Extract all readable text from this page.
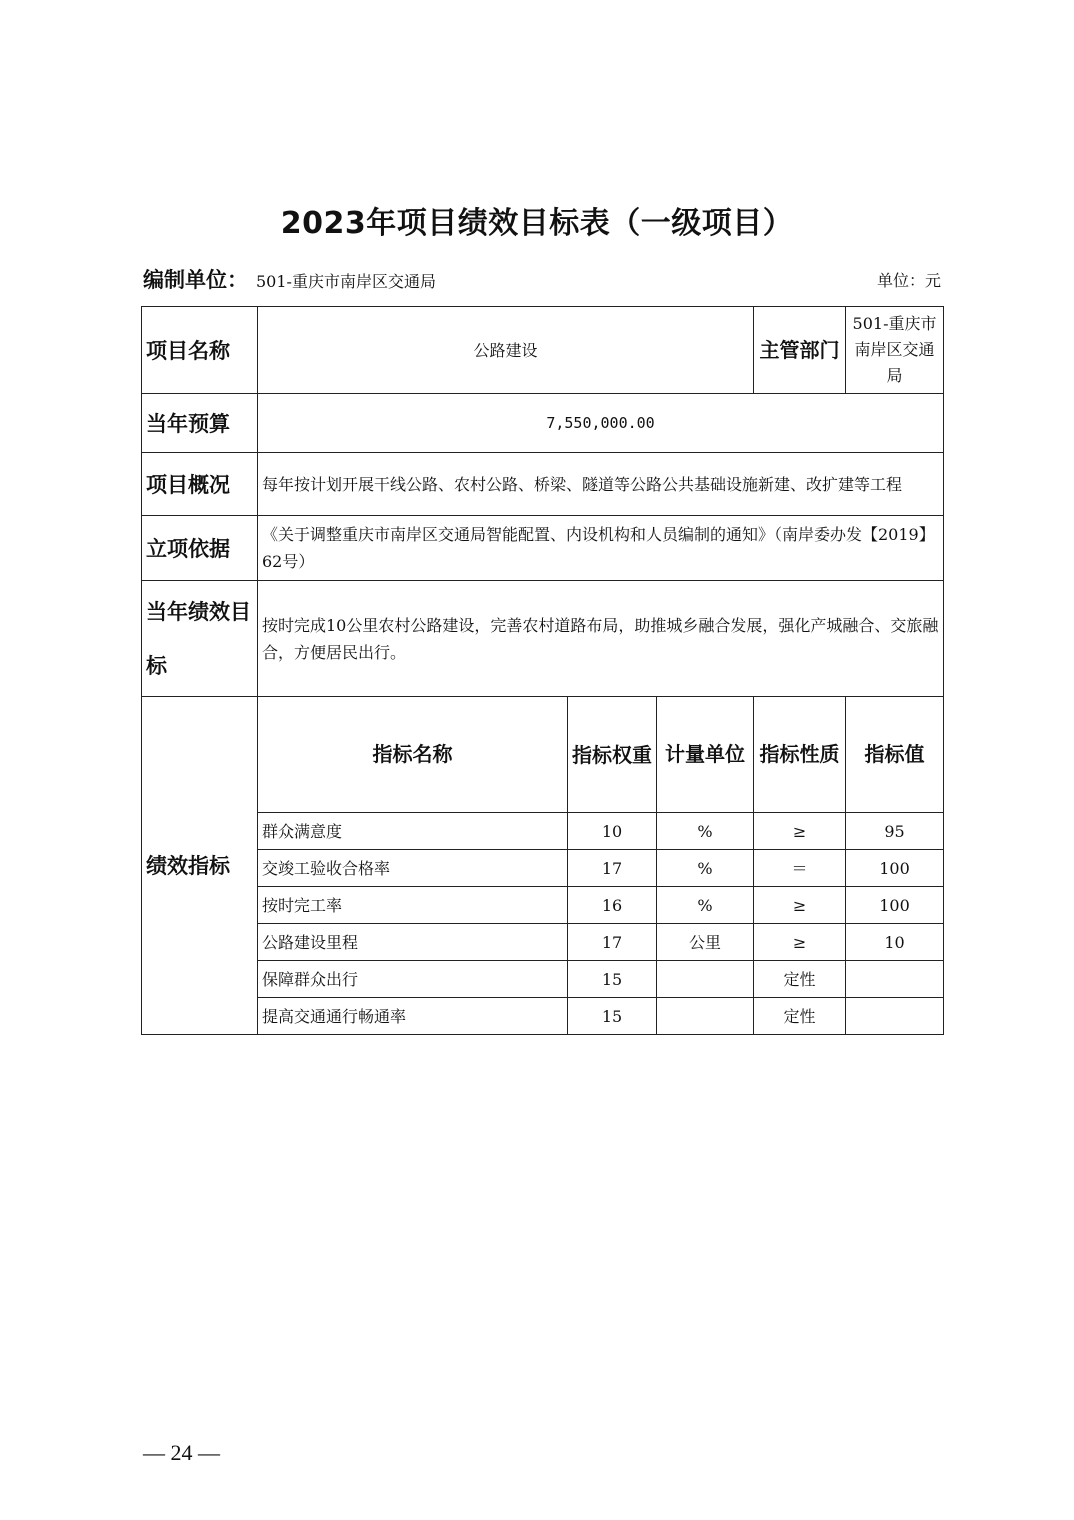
2023年项目绩效目标表（一级项目）
编制单位： 501-重庆市南岸区交通局	单位：元
项目名称	公路建设			主管部门	501-重庆市南岸区交通局
当年预算	7,550,000.00				
项目概况	每年按计划开展干线公路、农村公路、桥梁、隧道等公路公共基础设施新建、改扩建等工程				
立项依据	《关于调整重庆市南岸区交通局智能配置、内设机构和人员编制的通知》（南岸委办发【2019】62号）				
当年绩效目标	按时完成10公里农村公路建设，完善农村道路布局，助推城乡融合发展，强化产城融合、交旅融合，方便居民出行。				
绩效指标	指标名称	指标权重	计量单位	指标性质	指标值
	群众满意度	10	%	≥	95
	交竣工验收合格率	17	%	＝	100
	按时完工率	16	%	≥	100
	公路建设里程	17	公里	≥	10
	保障群众出行	15		定性	
	提高交通通行畅通率	15		定性	
— 24 —
